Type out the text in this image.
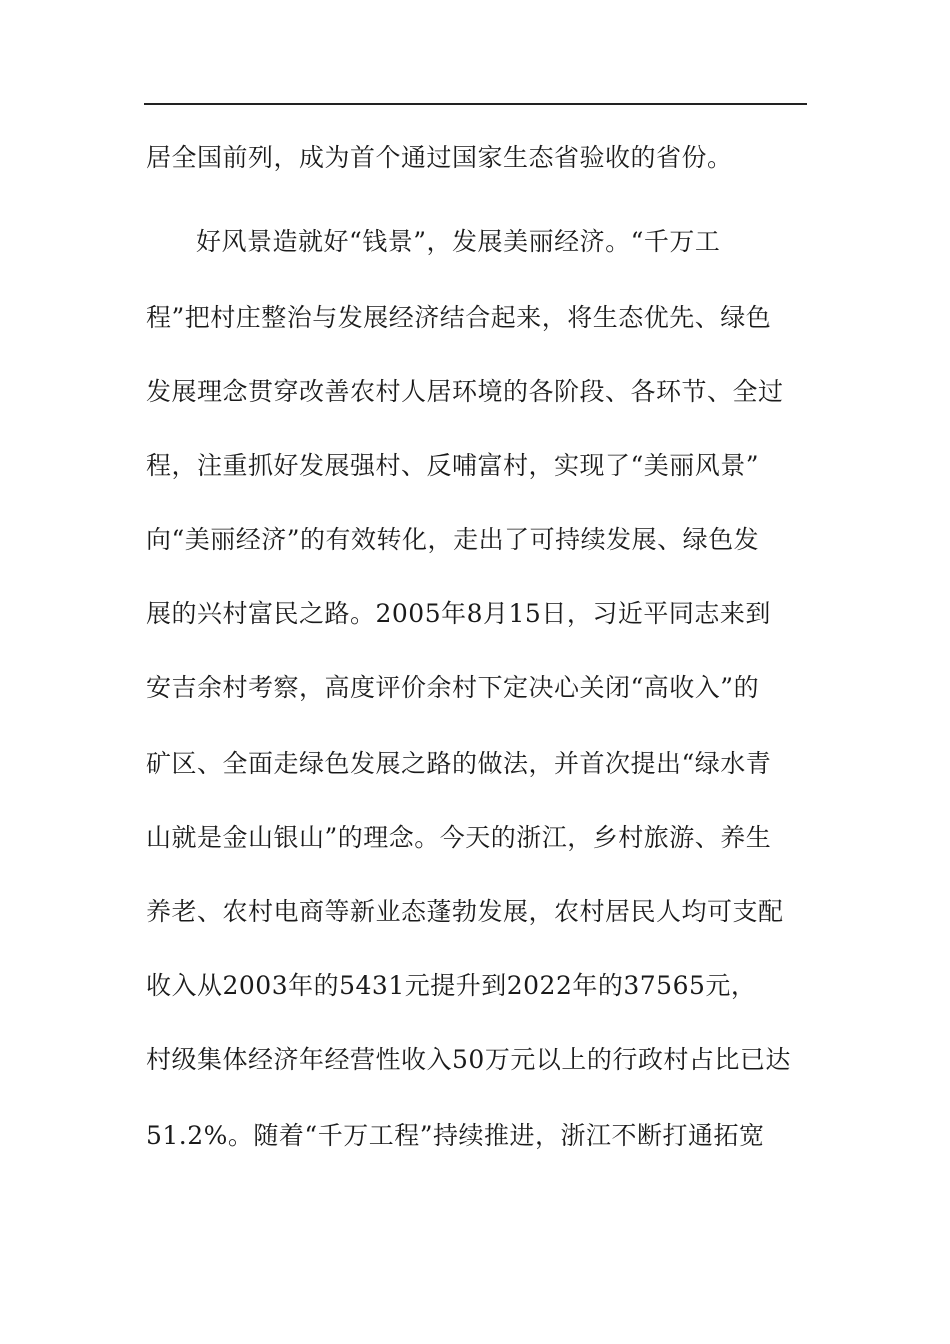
居全国前列，成为首个通过国家生态省验收的省份。
好风景造就好“钱景”，发展美丽经济。“千万工
程”把村庄整治与发展经济结合起来，将生态优先、绿色
发展理念贯穿改善农村人居环境的各阶段、各环节、全过
程，注重抓好发展强村、反哺富村，实现了“美丽风景”
向“美丽经济”的有效转化，走出了可持续发展、绿色发
展的兴村富民之路。2005年8月15日，习近平同志来到
安吉余村考察，高度评价余村下定决心关闭“高收入”的
矿区、全面走绿色发展之路的做法，并首次提出“绿水青
山就是金山银山”的理念。今天的浙江，乡村旅游、养生
养老、农村电商等新业态蓬勃发展，农村居民人均可支配
收入从2003年的5431元提升到2022年的37565元，
村级集体经济年经营性收入50万元以上的行政村占比已达
51.2%。随着“千万工程”持续推进，浙江不断打通拓宽
